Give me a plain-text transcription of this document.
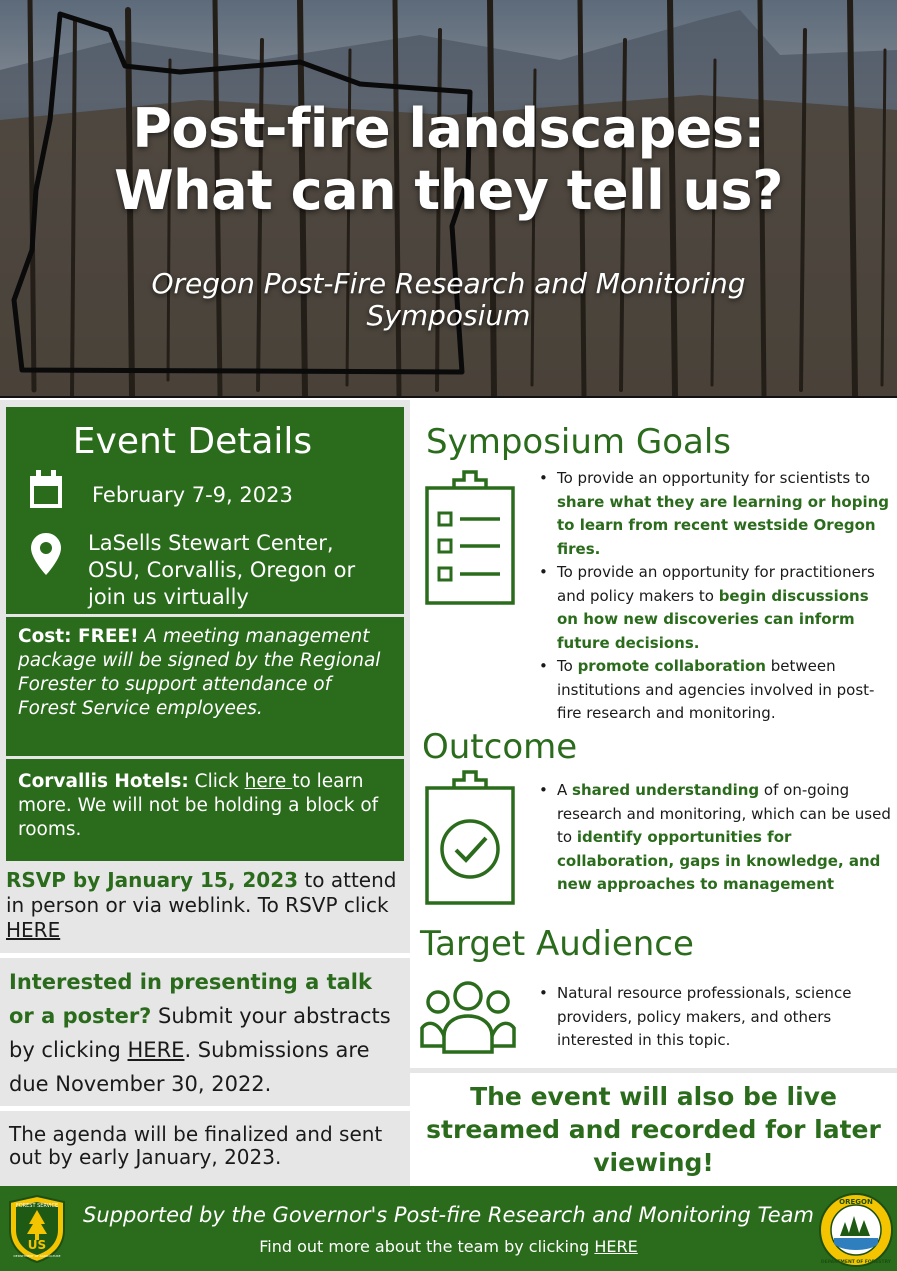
Post-fire landscapes:
What can they tell us?
Oregon Post-Fire Research and Monitoring
Symposium
Event Details
February 7-9, 2023
LaSells Stewart Center,
OSU, Corvallis, Oregon or
join us virtually
Cost: FREE! A meeting management package will be signed by the Regional Forester to support attendance of Forest Service employees.
Corvallis Hotels: Click here to learn more. We will not be holding a block of rooms.
RSVP by January 15, 2023 to attend in person or via weblink. To RSVP click HERE
Interested in presenting a talk or a poster? Submit your abstracts by clicking HERE. Submissions are due November 30, 2022.
The agenda will be finalized and sent out by early January, 2023.
Symposium Goals
• To provide an opportunity for scientists to share what they are learning or hoping to learn from recent westside Oregon fires.
• To provide an opportunity for practitioners and policy makers to begin discussions on how new discoveries can inform future decisions.
• To promote collaboration between institutions and agencies involved in post-fire research and monitoring.
Outcome
• A shared understanding of on-going research and monitoring, which can be used to identify opportunities for collaboration, gaps in knowledge, and new approaches to management
Target Audience
• Natural resource professionals, science providers, policy makers, and others interested in this topic.
The event will also be live
streamed and recorded for later
viewing!
FOREST SERVICE
US
DEPARTMENT OF AGRICULTURE
Supported by the Governor's Post-fire Research and Monitoring Team
Find out more about the team by clicking HERE
OREGON
DEPARTMENT OF FORESTRY
